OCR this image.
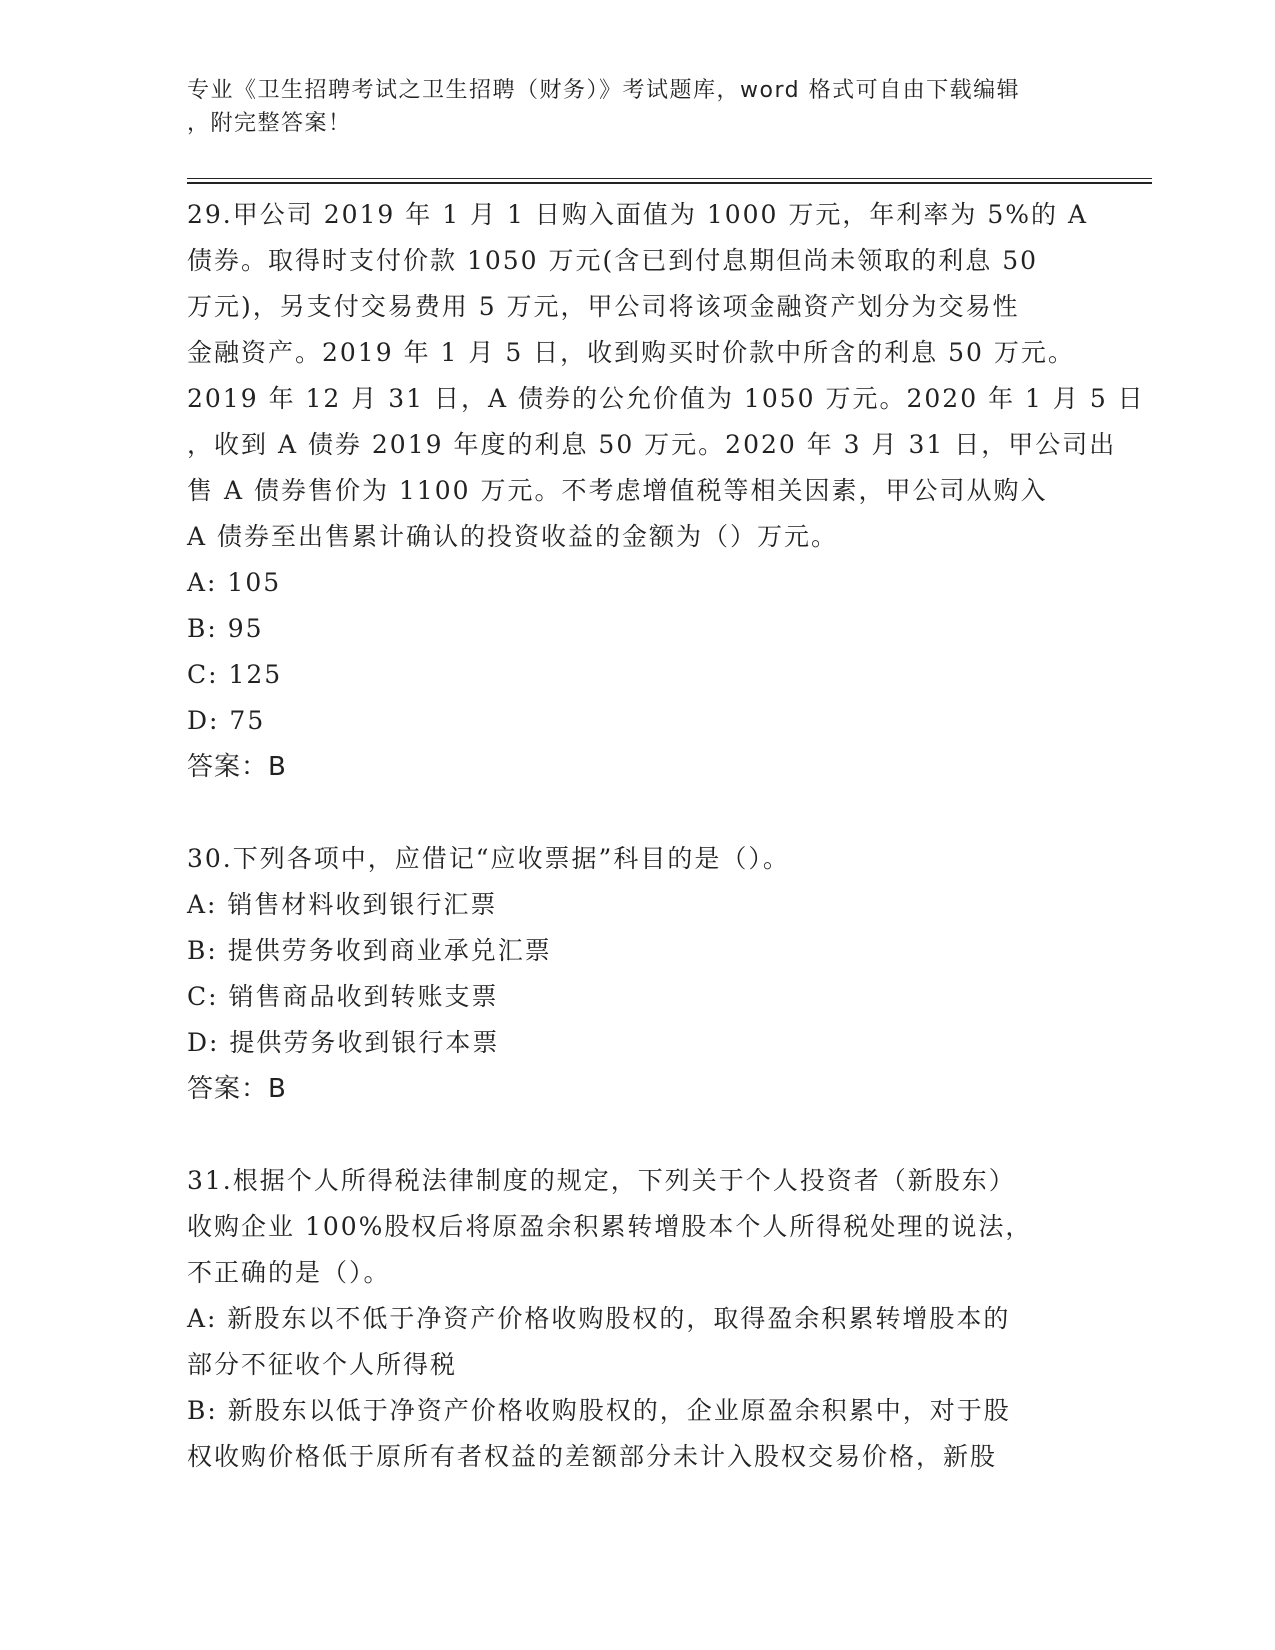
专业《卫生招聘考试之卫生招聘（财务）》考试题库，word 格式可自由下载编辑
，附完整答案！
29.甲公司 2019 年 1 月 1 日购入面值为 1000 万元，年利率为 5%的 A
债券。取得时支付价款 1050 万元(含已到付息期但尚未领取的利息 50
万元)，另支付交易费用 5 万元，甲公司将该项金融资产划分为交易性
金融资产。2019 年 1 月 5 日，收到购买时价款中所含的利息 50 万元。
2019 年 12 月 31 日，A 债券的公允价值为 1050 万元。2020 年 1 月 5 日
，收到 A 债券 2019 年度的利息 50 万元。2020 年 3 月 31 日，甲公司出
售 A 债券售价为 1100 万元。不考虑增值税等相关因素，甲公司从购入
A 债券至出售累计确认的投资收益的金额为（）万元。
A: 105
B: 95
C: 125
D: 75
答案：B
30.下列各项中，应借记“应收票据”科目的是（）。
A: 销售材料收到银行汇票
B: 提供劳务收到商业承兑汇票
C: 销售商品收到转账支票
D: 提供劳务收到银行本票
答案：B
31.根据个人所得税法律制度的规定，下列关于个人投资者（新股东）
收购企业 100%股权后将原盈余积累转增股本个人所得税处理的说法，
不正确的是（）。
A: 新股东以不低于净资产价格收购股权的，取得盈余积累转增股本的
部分不征收个人所得税
B: 新股东以低于净资产价格收购股权的，企业原盈余积累中，对于股
权收购价格低于原所有者权益的差额部分未计入股权交易价格，新股
